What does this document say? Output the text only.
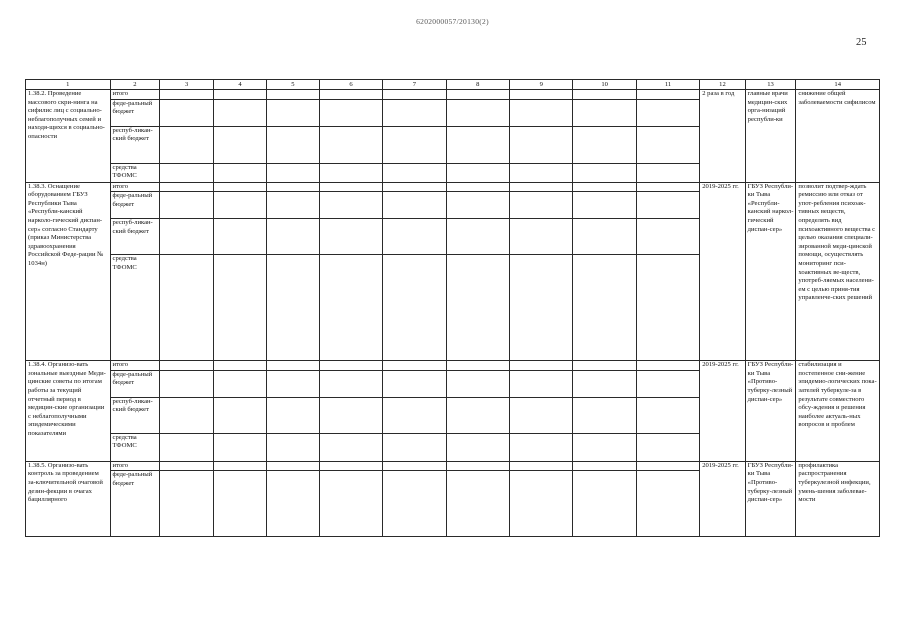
6202000057/20130(2)
25
1	2	3	4	5	6	7	8	9	10	11	12	13	14
1.38.2. Проведение массового скри-нинга на сифилис лиц с социально-неблагополучных семей и находя-щихся в социально-опасности	итого										2 раза в год	главные врачи медицин-ских орга-низаций республи-ки	снижение общей заболеваемости сифилисом
	феде-ральный бюджет												
	респуб-ликан-ский бюджет												
	средства ТФОМС												
1.38.3. Оснащение оборудованием ГБУЗ Республики Тыва «Республи-канский нарколо-гический диспан-сер» согласно Стандарту (приказ Министерства здравоохранения Российской Феде-рации № 1034н)	итого										2019-2025 гг.	ГБУЗ Республи-ки Тыва «Республи-канский наркол-гический диспан-сер»	позволит подтвер-ждать ремиссию или отказ от упот-ребления психоак-тивных веществ, определять вид психоактивного вещества с целью оказания специали-зированной меди-цинской помощи, осуществлять мониторинг пси-хоактивных ве-ществ, употреб-ляемых населени-ем с целью приня-тия управленче-ских решений
	феде-ральный бюджет												
	респуб-ликан-ский бюджет												
	средства ТФОМС												
1.38.4. Организо-вать зональные выездные Меди-цинские советы по итогам работы за текущий отчетный период в медицин-ские организации с неблагополучными эпидемическими показателями	итого										2019-2025 гг.	ГБУЗ Республи-ки Тыва «Противо-туберку-лезный диспан-сер»	стабилизация и постепенное сни-жение эпидемио-логических пока-зателей туберкуле-за в результате совместного обсу-ждения и решения наиболее актуаль-ных вопросов и проблем
	феде-ральный бюджет												
	респуб-ликан-ский бюджет												
	средства ТФОМС												
1.38.5. Организо-вать контроль за проведением за-ключительной очаговой дезин-фекции в очагах бациллярного	итого										2019-2025 гг.	ГБУЗ Республи-ки Тыва «Противо-туберку-лезный диспан-сер»	профилактика распространения туберкулезной инфекции, умень-шения заболевае-мости
	феде-ральный бюджет												
